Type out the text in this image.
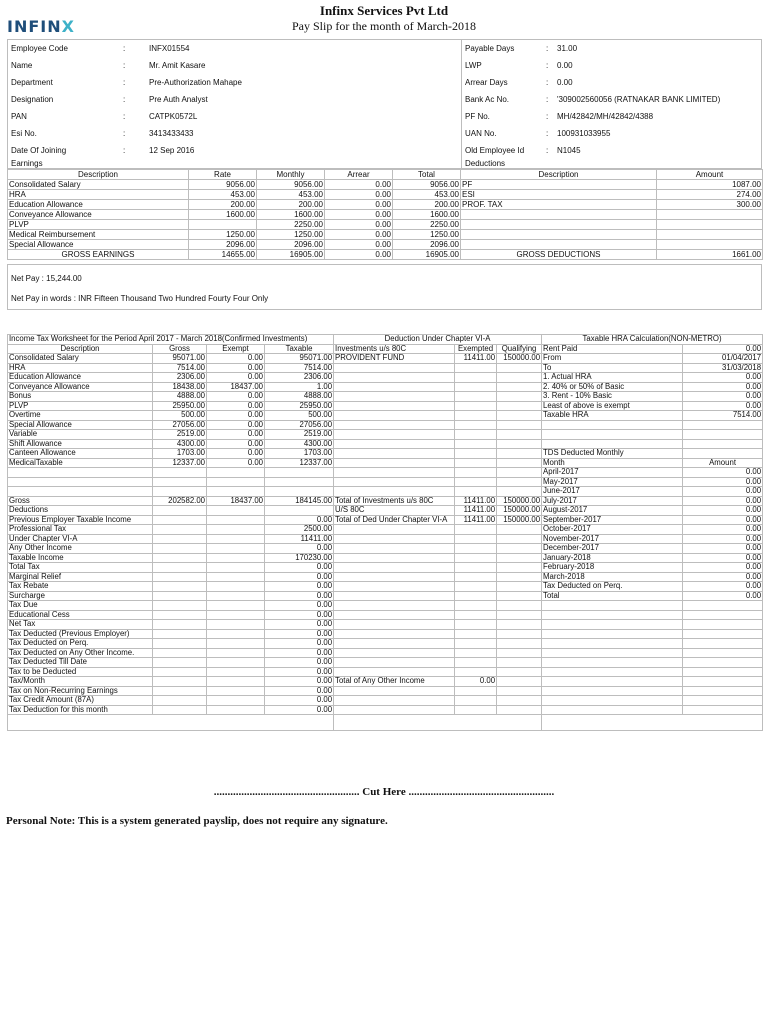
INFINX
Infinx Services Pvt Ltd
Pay Slip for the month of March-2018
Employee Code	:	INFX01554
Name	:	Mr. Amit Kasare
Department	:	Pre-Authorization Mahape
Designation	:	Pre Auth Analyst
PAN	:	CATPK0572L
Esi No.	:	3413433433
Date Of Joining	:	12 Sep 2016
Payable Days	: 31.00
LWP	: 0.00
Arrear Days	: 0.00
Bank Ac No.	: '309002560056 (RATNAKAR BANK LIMITED)
PF No.	: MH/42842/MH/42842/4388
UAN No.	: 100931033955
Old Employee Id	: N1045
Earnings	Deductions
Description	Rate	Monthly	Arrear	Total	Description	Amount
Consolidated Salary	9056.00	9056.00	0.00	9056.00	PF	1087.00
HRA	453.00	453.00	0.00	453.00	ESI	274.00
Education Allowance	200.00	200.00	0.00	200.00	PROF. TAX	300.00
Conveyance Allowance	1600.00	1600.00	0.00	1600.00		
PLVP		2250.00	0.00	2250.00		
Medical Reimbursement	1250.00	1250.00	0.00	1250.00		
Special Allowance	2096.00	2096.00	0.00	2096.00		
GROSS EARNINGS	14655.00	16905.00	0.00	16905.00	GROSS DEDUCTIONS	1661.00
Net Pay : 15,244.00
Net Pay in words : INR Fifteen Thousand Two Hundred Fourty Four Only
Income Tax Worksheet for the Period April 2017 - March 2018(Confirmed Investments)				Deduction Under Chapter VI-A			Taxable HRA Calculation(NON-METRO)	
Description	Gross	Exempt	Taxable	Investments u/s 80C	Exempted	Qualifying	Rent Paid	0.00
Consolidated Salary	95071.00	0.00	95071.00	PROVIDENT FUND	11411.00	150000.00	From	01/04/2017
HRA	7514.00	0.00	7514.00				To	31/03/2018
Education Allowance	2306.00	0.00	2306.00				1. Actual HRA	0.00
Conveyance Allowance	18438.00	18437.00	1.00				2. 40% or 50% of Basic	0.00
Bonus	4888.00	0.00	4888.00				3. Rent - 10% Basic	0.00
PLVP	25950.00	0.00	25950.00				Least of above is exempt	0.00
Overtime	500.00	0.00	500.00				Taxable HRA	7514.00
Special Allowance	27056.00	0.00	27056.00					
Variable	2519.00	0.00	2519.00					
Shift Allowance	4300.00	0.00	4300.00					
Canteen Allowance	1703.00	0.00	1703.00				TDS Deducted Monthly	
MedicalTaxable	12337.00	0.00	12337.00				Month	Amount
							April-2017	0.00
							May-2017	0.00
							June-2017	0.00
Gross	202582.00	18437.00	184145.00	Total of Investments u/s 80C	11411.00	150000.00	July-2017	0.00
Deductions				U/S 80C	11411.00	150000.00	August-2017	0.00
Previous Employer Taxable Income			0.00	Total of Ded Under Chapter VI-A	11411.00	150000.00	September-2017	0.00
Professional Tax			2500.00				October-2017	0.00
Under Chapter VI-A			11411.00				November-2017	0.00
Any Other Income			0.00				December-2017	0.00
Taxable Income			170230.00				January-2018	0.00
Total Tax			0.00				February-2018	0.00
Marginal Relief			0.00				March-2018	0.00
Tax Rebate			0.00				Tax Deducted on Perq.	0.00
Surcharge			0.00				Total	0.00
Tax Due			0.00					
Educational Cess			0.00					
Net Tax			0.00					
Tax Deducted (Previous Employer)			0.00					
Tax Deducted on Perq.			0.00					
Tax Deducted on Any Other Income.			0.00					
Tax Deducted Till Date			0.00					
Tax to be Deducted			0.00					
Tax/Month			0.00	Total of Any Other Income	0.00			
Tax on Non-Recurring Earnings			0.00					
Tax Credit Amount (87A)			0.00					
Tax Deduction for this month			0.00					

..................................................... Cut Here .....................................................
Personal Note: This is a system generated payslip, does not require any signature.
